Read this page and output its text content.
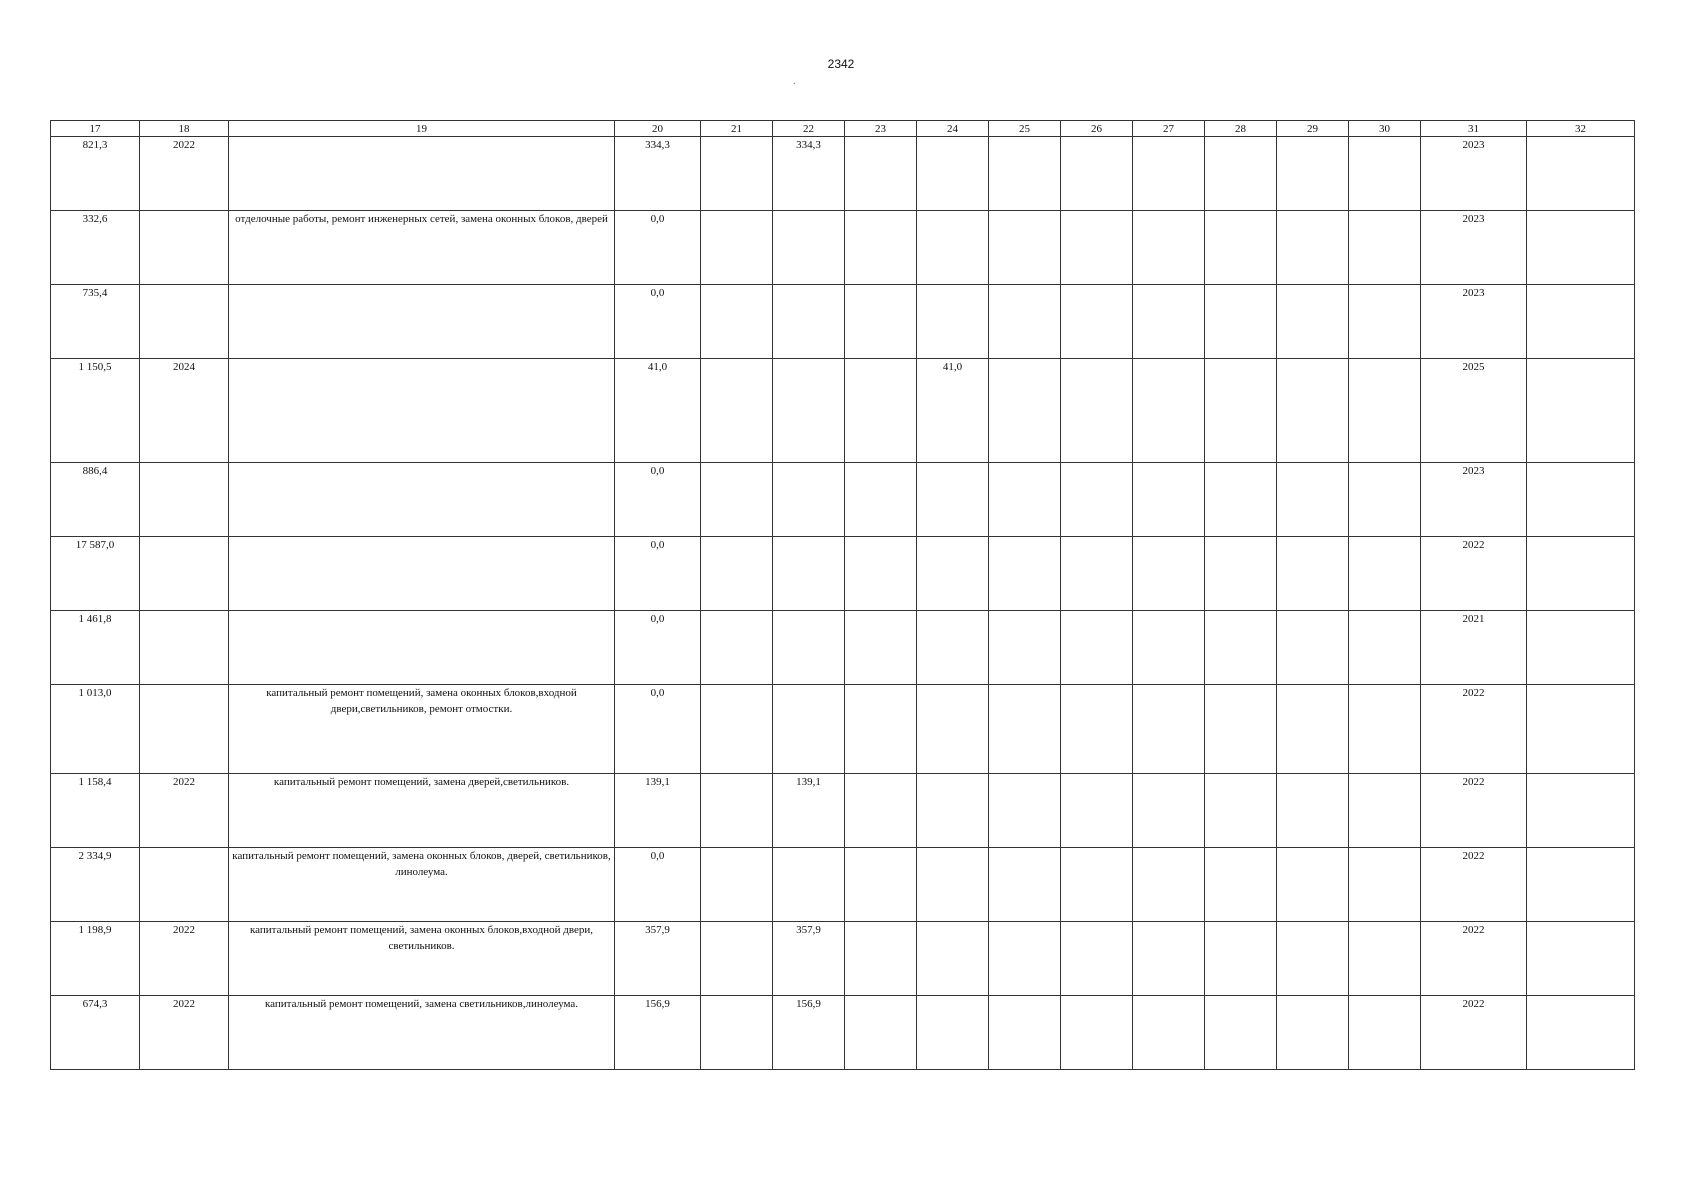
2342
.
17	18	19	20	21	22	23	24	25	26	27	28	29	30	31	32
821,3	2022		334,3		334,3									2023	
332,6		отделочные работы, ремонт инженерных сетей, замена оконных блоков, дверей	0,0											2023	
735,4			0,0											2023	
1 150,5	2024		41,0				41,0							2025	
886,4			0,0											2023	
17 587,0			0,0											2022	
1 461,8			0,0											2021	
1 013,0		капитальный ремонт помещений, замена оконных блоков,входной двери,светильников, ремонт отмостки.	0,0											2022	
1 158,4	2022	капитальный ремонт помещений, замена дверей,светильников.	139,1		139,1									2022	
2 334,9		капитальный ремонт помещений, замена оконных блоков, дверей, светильников, линолеума.	0,0											2022	
1 198,9	2022	капитальный ремонт помещений, замена оконных блоков,входной двери, светильников.	357,9		357,9									2022	
674,3	2022	капитальный ремонт помещений, замена светильников,линолеума.	156,9		156,9									2022	
